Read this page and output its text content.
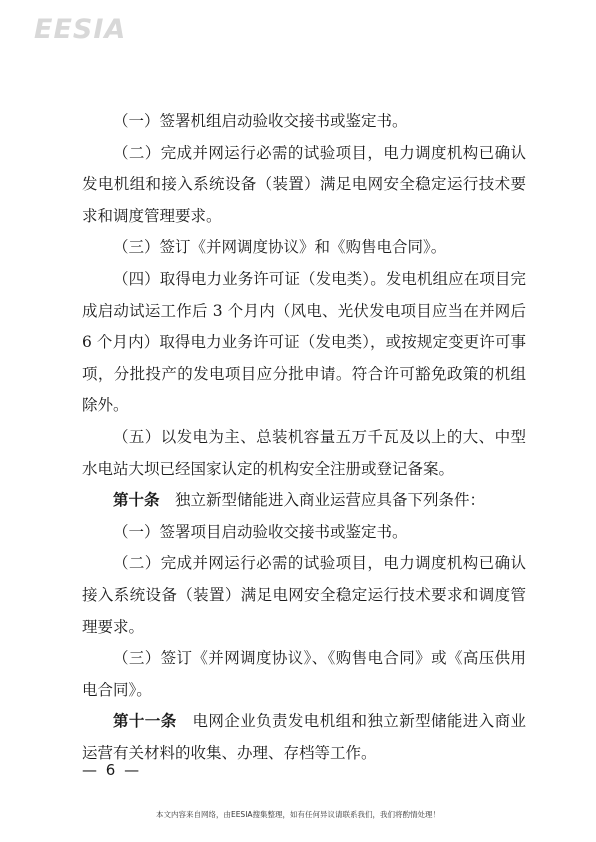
EESIA

（一）签署机组启动验收交接书或鉴定书。

（二）完成并网运行必需的试验项目，电力调度机构已确认发电机组和接入系统设备（装置）满足电网安全稳定运行技术要求和调度管理要求。

（三）签订《并网调度协议》和《购售电合同》。

（四）取得电力业务许可证（发电类）。发电机组应在项目完成启动试运工作后 3 个月内（风电、光伏发电项目应当在并网后 6 个月内）取得电力业务许可证（发电类），或按规定变更许可事项，分批投产的发电项目应分批申请。符合许可豁免政策的机组除外。

（五）以发电为主、总装机容量五万千瓦及以上的大、中型水电站大坝已经国家认定的机构安全注册或登记备案。

第十条　独立新型储能进入商业运营应具备下列条件：

（一）签署项目启动验收交接书或鉴定书。

（二）完成并网运行必需的试验项目，电力调度机构已确认接入系统设备（装置）满足电网安全稳定运行技术要求和调度管理要求。

（三）签订《并网调度协议》、《购售电合同》或《高压供用电合同》。

第十一条　电网企业负责发电机组和独立新型储能进入商业运营有关材料的收集、办理、存档等工作。

— 6 —
本文内容来自网络，由EESIA搜集整理，如有任何异议请联系我们，我们将酌情处理！
